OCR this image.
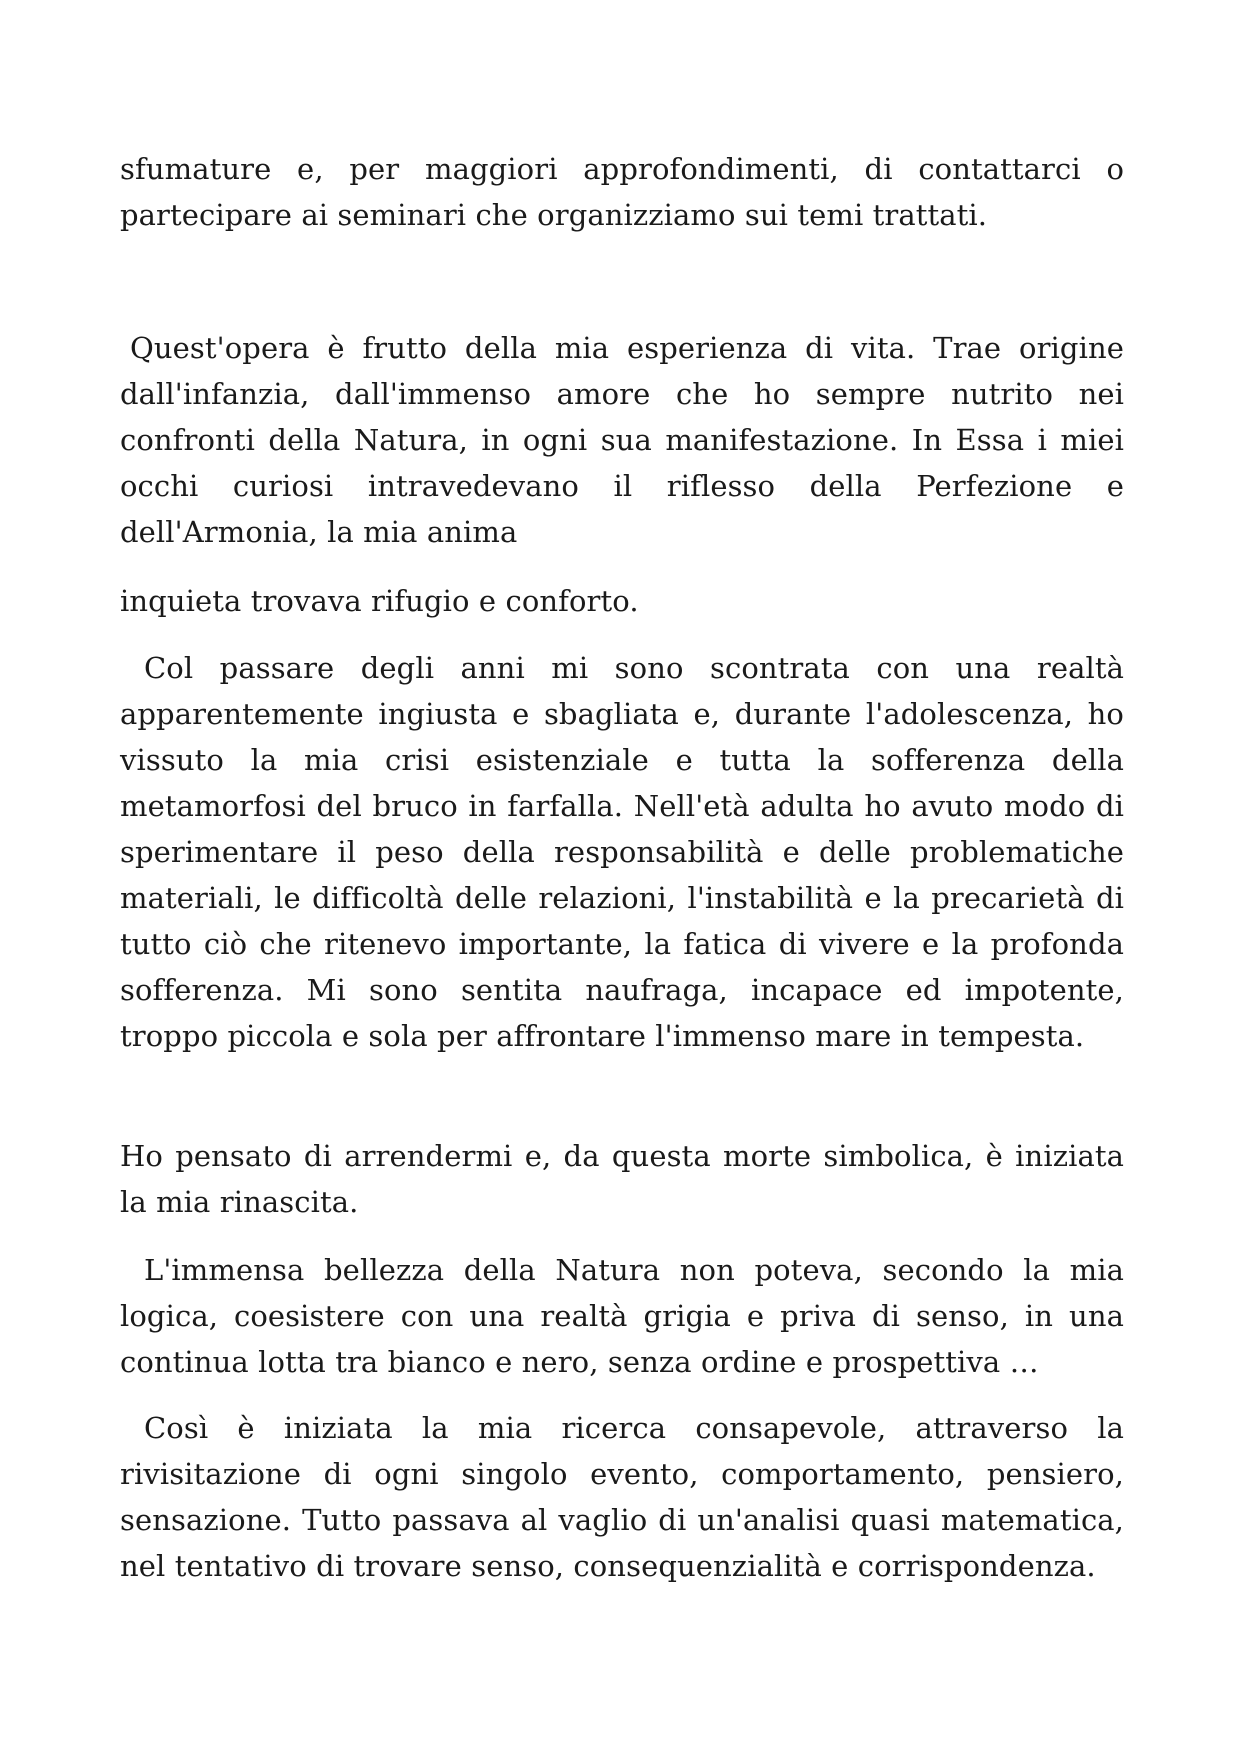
sfumature e, per maggiori approfondimenti, di contattarci o partecipare ai seminari che organizziamo sui temi trattati.

Quest'opera è frutto della mia esperienza di vita. Trae origine dall'infanzia, dall'immenso amore che ho sempre nutrito nei confronti della Natura, in ogni sua manifestazione. In Essa i miei occhi curiosi intravedevano il riflesso della Perfezione e dell'Armonia, la mia anima

inquieta trovava rifugio e conforto.

Col passare degli anni mi sono scontrata con una realtà apparentemente ingiusta e sbagliata e, durante l'adolescenza, ho vissuto la mia crisi esistenziale e tutta la sofferenza della metamorfosi del bruco in farfalla. Nell'età adulta ho avuto modo di sperimentare il peso della responsabilità e delle problematiche materiali, le difficoltà delle relazioni, l'instabilità e la precarietà di tutto ciò che ritenevo importante, la fatica di vivere e la profonda sofferenza. Mi sono sentita naufraga, incapace ed impotente, troppo piccola e sola per affrontare l'immenso mare in tempesta.

Ho pensato di arrendermi e, da questa morte simbolica, è iniziata la mia rinascita.

L'immensa bellezza della Natura non poteva, secondo la mia logica, coesistere con una realtà grigia e priva di senso, in una continua lotta tra bianco e nero, senza ordine e prospettiva …

Così è iniziata la mia ricerca consapevole, attraverso la rivisitazione di ogni singolo evento, comportamento, pensiero, sensazione. Tutto passava al vaglio di un'analisi quasi matematica, nel tentativo di trovare senso, consequenzialità e corrispondenza.
